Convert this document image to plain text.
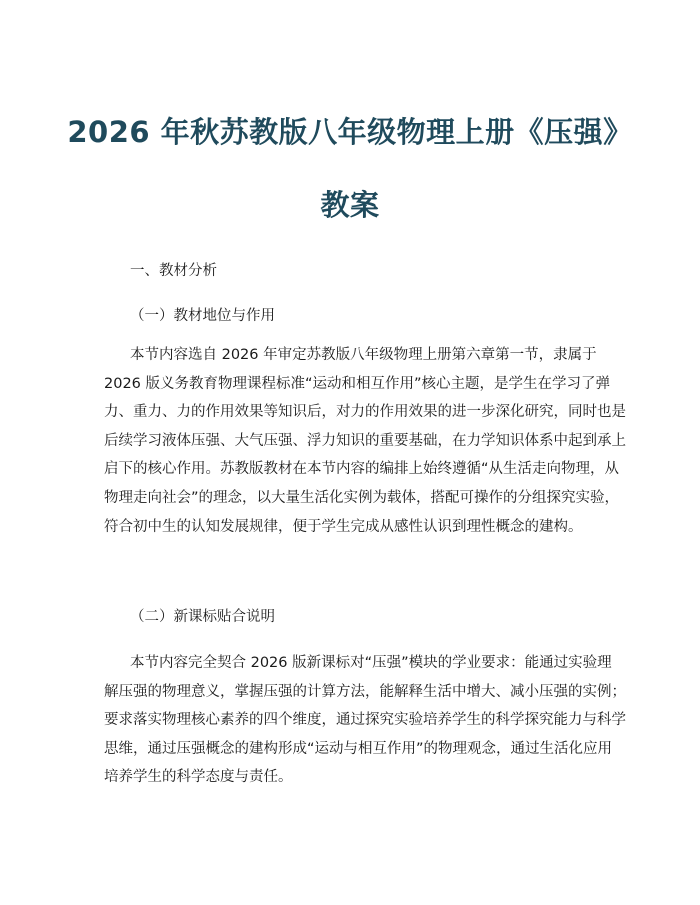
2026 年秋苏教版八年级物理上册《压强》
教案
一、教材分析
（一）教材地位与作用
本节内容选自 2026 年审定苏教版八年级物理上册第六章第一节，隶属于
2026 版义务教育物理课程标准“运动和相互作用”核心主题，是学生在学习了弹
力、重力、力的作用效果等知识后，对力的作用效果的进一步深化研究，同时也是
后续学习液体压强、大气压强、浮力知识的重要基础，在力学知识体系中起到承上
启下的核心作用。苏教版教材在本节内容的编排上始终遵循“从生活走向物理，从
物理走向社会”的理念，以大量生活化实例为载体，搭配可操作的分组探究实验，
符合初中生的认知发展规律，便于学生完成从感性认识到理性概念的建构。
（二）新课标贴合说明
本节内容完全契合 2026 版新课标对“压强”模块的学业要求：能通过实验理
解压强的物理意义，掌握压强的计算方法，能解释生活中增大、减小压强的实例；
要求落实物理核心素养的四个维度，通过探究实验培养学生的科学探究能力与科学
思维，通过压强概念的建构形成“运动与相互作用”的物理观念，通过生活化应用
培养学生的科学态度与责任。
